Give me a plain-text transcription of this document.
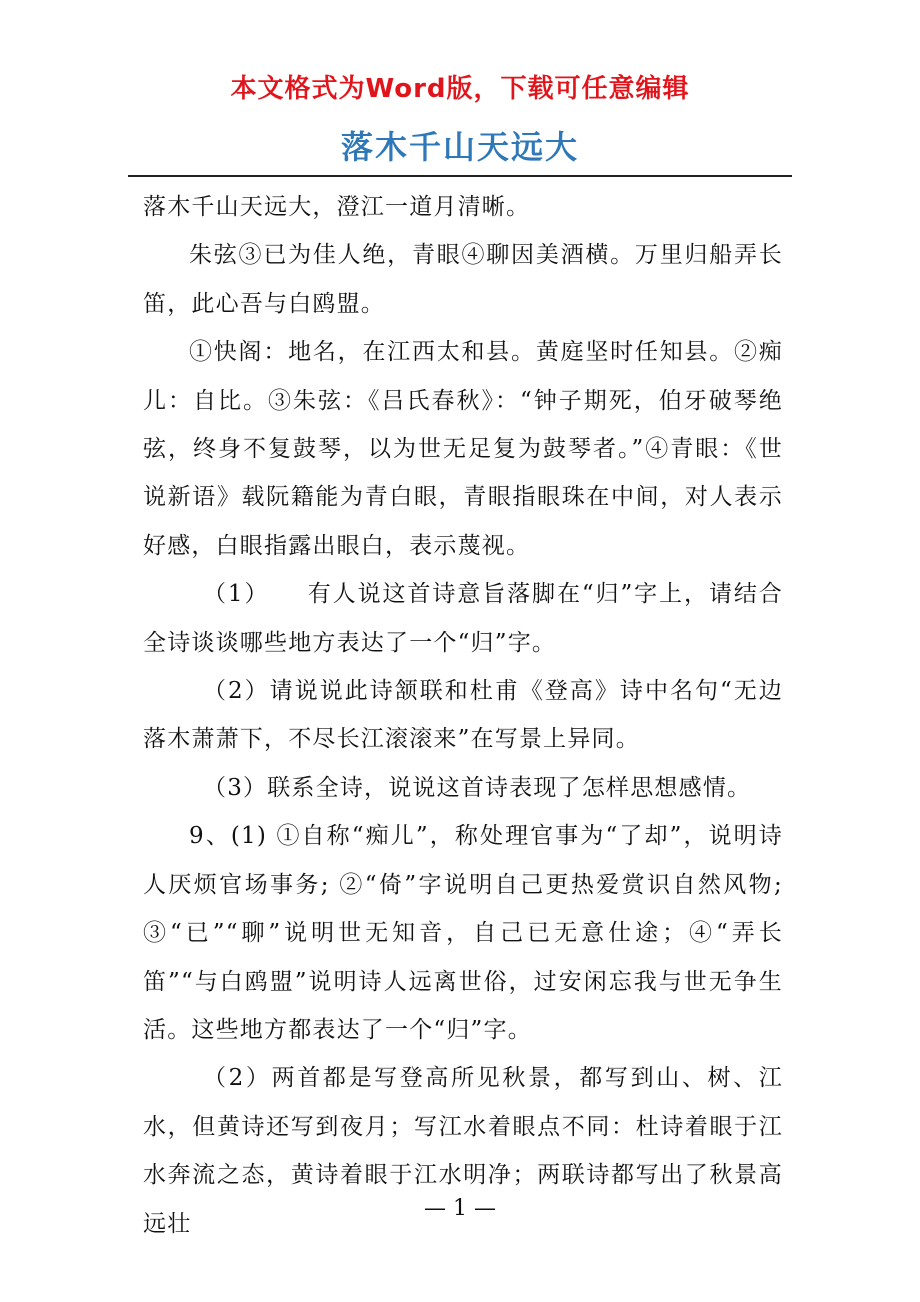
本文格式为Word版，下载可任意编辑
落木千山天远大

落木千山天远大，澄江一道月清晰。

朱弦③已为佳人绝，青眼④聊因美酒横。万里归船弄长笛，此心吾与白鸥盟。

①快阁：地名，在江西太和县。黄庭坚时任知县。②痴儿：自比。③朱弦：《吕氏春秋》：“钟子期死，伯牙破琴绝弦，终身不复鼓琴，以为世无足复为鼓琴者。”④青眼：《世说新语》载阮籍能为青白眼，青眼指眼珠在中间，对人表示好感，白眼指露出眼白，表示蔑视。

（1）　　有人说这首诗意旨落脚在“归”字上，请结合全诗谈谈哪些地方表达了一个“归”字。

（2）请说说此诗颔联和杜甫《登高》诗中名句“无边落木萧萧下，不尽长江滚滚来”在写景上异同。

（3）联系全诗，说说这首诗表现了怎样思想感情。

9、(1) ①自称“痴儿”，称处理官事为“了却”，说明诗人厌烦官场事务; ②“倚”字说明自己更热爱赏识自然风物; ③“已”“聊”说明世无知音，自己已无意仕途；④“弄长笛”“与白鸥盟”说明诗人远离世俗，过安闲忘我与世无争生活。这些地方都表达了一个“归”字。

（2）两首都是写登高所见秋景，都写到山、树、江水，但黄诗还写到夜月；写江水着眼点不同：杜诗着眼于江水奔流之态，黄诗着眼于江水明净；两联诗都写出了秋景高远壮

— 1 —
